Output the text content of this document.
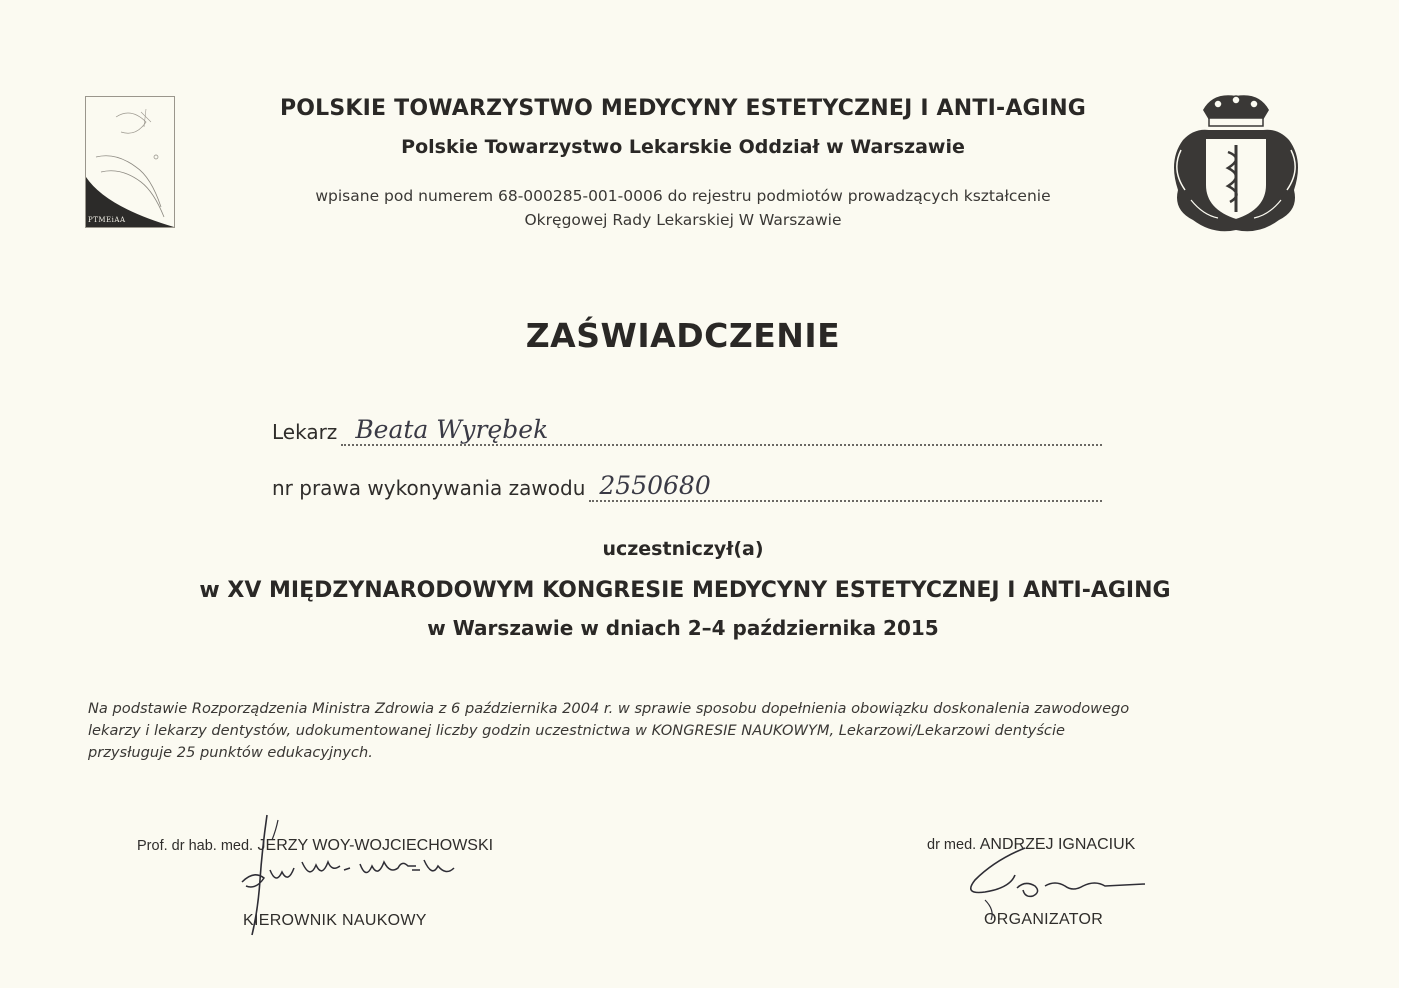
PTMEiAA
POLSKIE TOWARZYSTWO MEDYCYNY ESTETYCZNEJ I ANTI-AGING
Polskie Towarzystwo Lekarskie Oddział w Warszawie
wpisane pod numerem 68-000285-001-0006 do rejestru podmiotów prowadzących kształcenie
Okręgowej Rady Lekarskiej W Warszawie
ZAŚWIADCZENIE
Lekarz Beata Wyrębek
nr prawa wykonywania zawodu 2550680
uczestniczył(a)
w XV MIĘDZYNARODOWYM KONGRESIE MEDYCYNY ESTETYCZNEJ I ANTI-AGING
w Warszawie w dniach 2–4 października 2015

Na podstawie Rozporządzenia Ministra Zdrowia z 6 października 2004 r. w sprawie sposobu dopełnienia obowiązku doskonalenia zawodowego

lekarzy i lekarzy dentystów, udokumentowanej liczby godzin uczestnictwa w KONGRESIE NAUKOWYM, Lekarzowi/Lekarzowi dentyście

przysługuje 25 punktów edukacyjnych.

Prof. dr hab. med. JERZY WOY-WOJCIECHOWSKI
KIEROWNIK NAUKOWY
dr med. ANDRZEJ IGNACIUK
ORGANIZATOR
